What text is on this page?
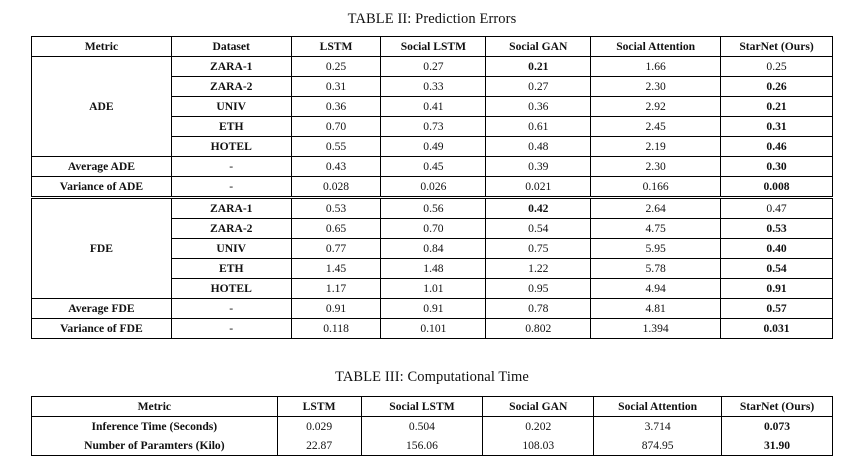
TABLE II: Prediction Errors
Metric	Dataset	LSTM	Social LSTM	Social GAN	Social Attention	StarNet (Ours)
ADE	ZARA-1	0.25	0.27	0.21	1.66	0.25
	ZARA-2	0.31	0.33	0.27	2.30	0.26
	UNIV	0.36	0.41	0.36	2.92	0.21
	ETH	0.70	0.73	0.61	2.45	0.31
	HOTEL	0.55	0.49	0.48	2.19	0.46
Average ADE	-	0.43	0.45	0.39	2.30	0.30
Variance of ADE	-	0.028	0.026	0.021	0.166	0.008
FDE	ZARA-1	0.53	0.56	0.42	2.64	0.47
	ZARA-2	0.65	0.70	0.54	4.75	0.53
	UNIV	0.77	0.84	0.75	5.95	0.40
	ETH	1.45	1.48	1.22	5.78	0.54
	HOTEL	1.17	1.01	0.95	4.94	0.91
Average FDE	-	0.91	0.91	0.78	4.81	0.57
Variance of FDE	-	0.118	0.101	0.802	1.394	0.031
TABLE III: Computational Time
Metric	LSTM	Social LSTM	Social GAN	Social Attention	StarNet (Ours)
Inference Time (Seconds)	0.029	0.504	0.202	3.714	0.073
Number of Paramters (Kilo)	22.87	156.06	108.03	874.95	31.90
